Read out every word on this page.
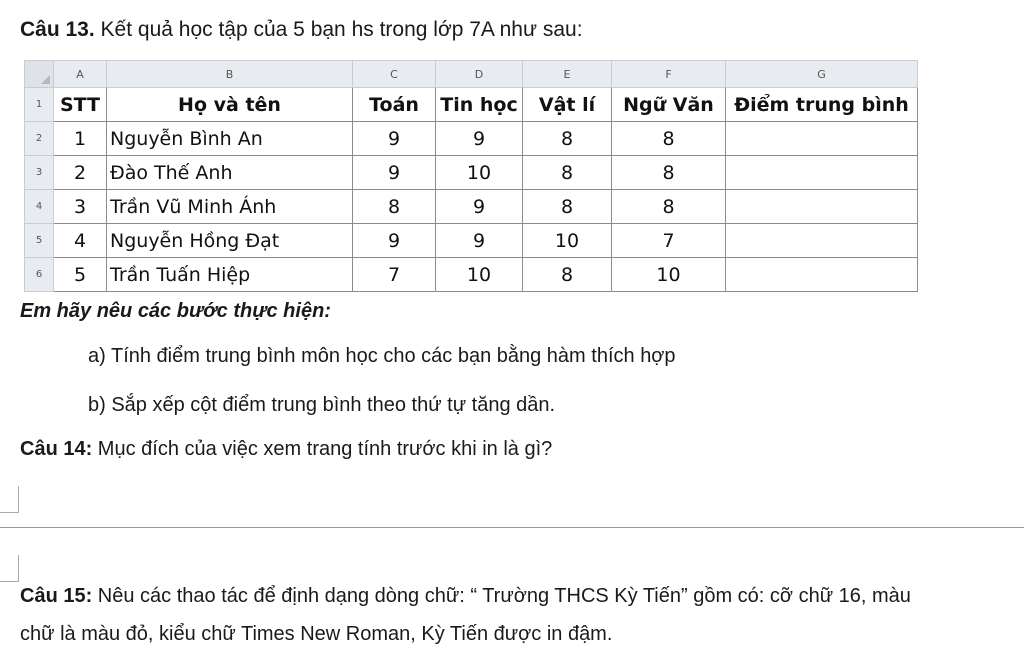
Câu 13. Kết quả học tập của 5 bạn hs trong lớp 7A như sau:
	A	B	C	D	E	F	G
1	STT	Họ và tên	Toán	Tin học	Vật lí	Ngữ Văn	Điểm trung bình
2	1	Nguyễn Bình An	9	9	8	8	
3	2	Đào Thế Anh	9	10	8	8	
4	3	Trần Vũ Minh Ánh	8	9	8	8	
5	4	Nguyễn Hồng Đạt	9	9	10	7	
6	5	Trần Tuấn Hiệp	7	10	8	10	
Em hãy nêu các bước thực hiện:
a) Tính điểm trung bình môn học cho các bạn bằng hàm thích hợp
b) Sắp xếp cột điểm trung bình theo thứ tự tăng dần.
Câu 14: Mục đích của việc xem trang tính trước khi in là gì?
Câu 15: Nêu các thao tác để định dạng dòng chữ: “ Trường THCS Kỳ Tiến” gồm có: cỡ chữ 16, màu
chữ là màu đỏ, kiểu chữ Times New Roman, Kỳ Tiến được in đậm.
